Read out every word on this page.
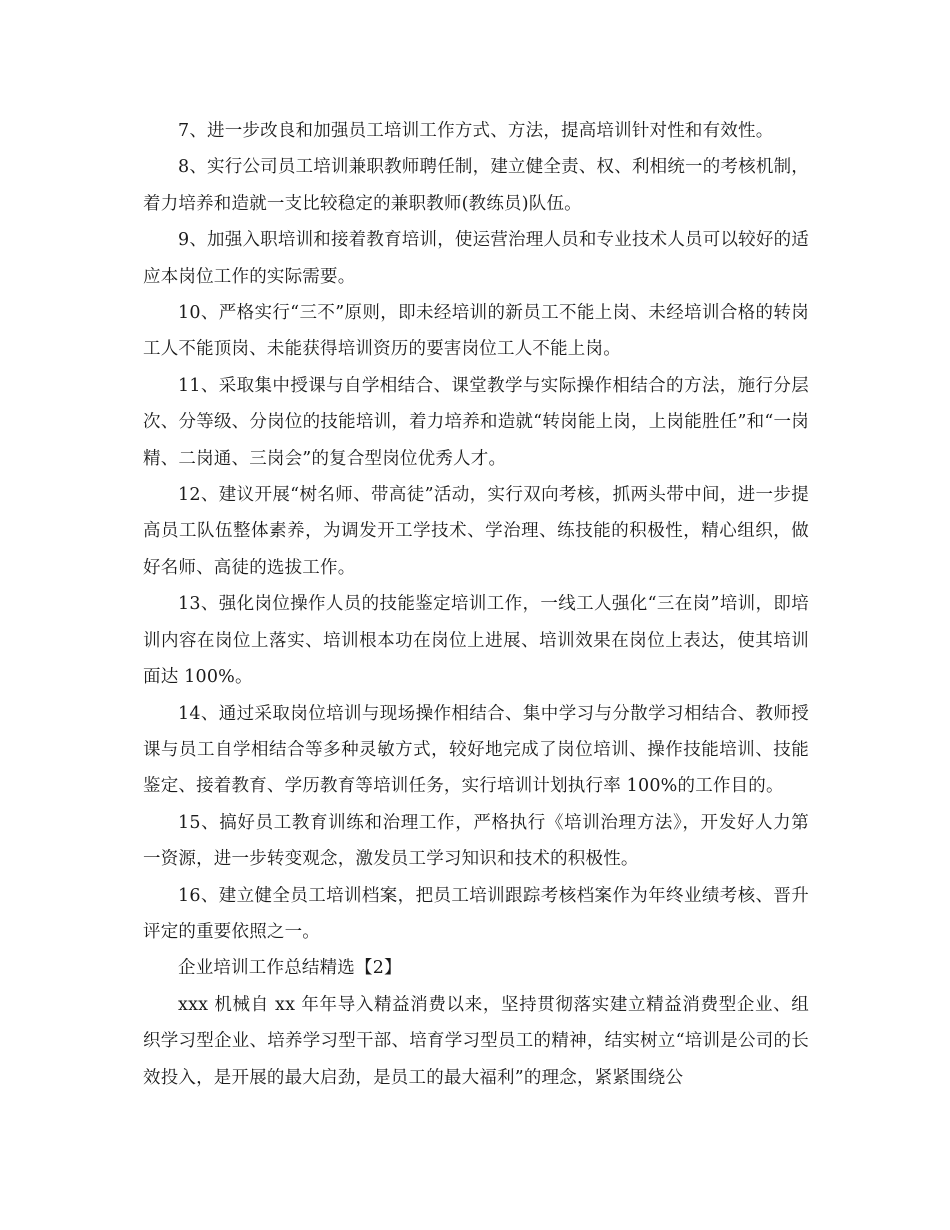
7、进一步改良和加强员工培训工作方式、方法，提高培训针对性和有效性。

8、实行公司员工培训兼职教师聘任制，建立健全责、权、利相统一的考核机制，着力培养和造就一支比较稳定的兼职教师(教练员)队伍。

9、加强入职培训和接着教育培训，使运营治理人员和专业技术人员可以较好的适应本岗位工作的实际需要。

10、严格实行“三不”原则，即未经培训的新员工不能上岗、未经培训合格的转岗工人不能顶岗、未能获得培训资历的要害岗位工人不能上岗。

11、采取集中授课与自学相结合、课堂教学与实际操作相结合的方法，施行分层次、分等级、分岗位的技能培训，着力培养和造就“转岗能上岗，上岗能胜任”和“一岗精、二岗通、三岗会”的复合型岗位优秀人才。

12、建议开展“树名师、带高徒”活动，实行双向考核，抓两头带中间，进一步提高员工队伍整体素养，为调发开工学技术、学治理、练技能的积极性，精心组织，做好名师、高徒的选拔工作。

13、强化岗位操作人员的技能鉴定培训工作，一线工人强化“三在岗”培训，即培训内容在岗位上落实、培训根本功在岗位上进展、培训效果在岗位上表达，使其培训面达 100%。

14、通过采取岗位培训与现场操作相结合、集中学习与分散学习相结合、教师授课与员工自学相结合等多种灵敏方式，较好地完成了岗位培训、操作技能培训、技能鉴定、接着教育、学历教育等培训任务，实行培训计划执行率 100%的工作目的。

15、搞好员工教育训练和治理工作，严格执行《培训治理方法》，开发好人力第一资源，进一步转变观念，激发员工学习知识和技术的积极性。

16、建立健全员工培训档案，把员工培训跟踪考核档案作为年终业绩考核、晋升评定的重要依照之一。

企业培训工作总结精选【2】

xxx 机械自 xx 年年导入精益消费以来，坚持贯彻落实建立精益消费型企业、组织学习型企业、培养学习型干部、培育学习型员工的精神，结实树立“培训是公司的长效投入，是开展的最大启劲，是员工的最大福利”的理念，紧紧围绕公
